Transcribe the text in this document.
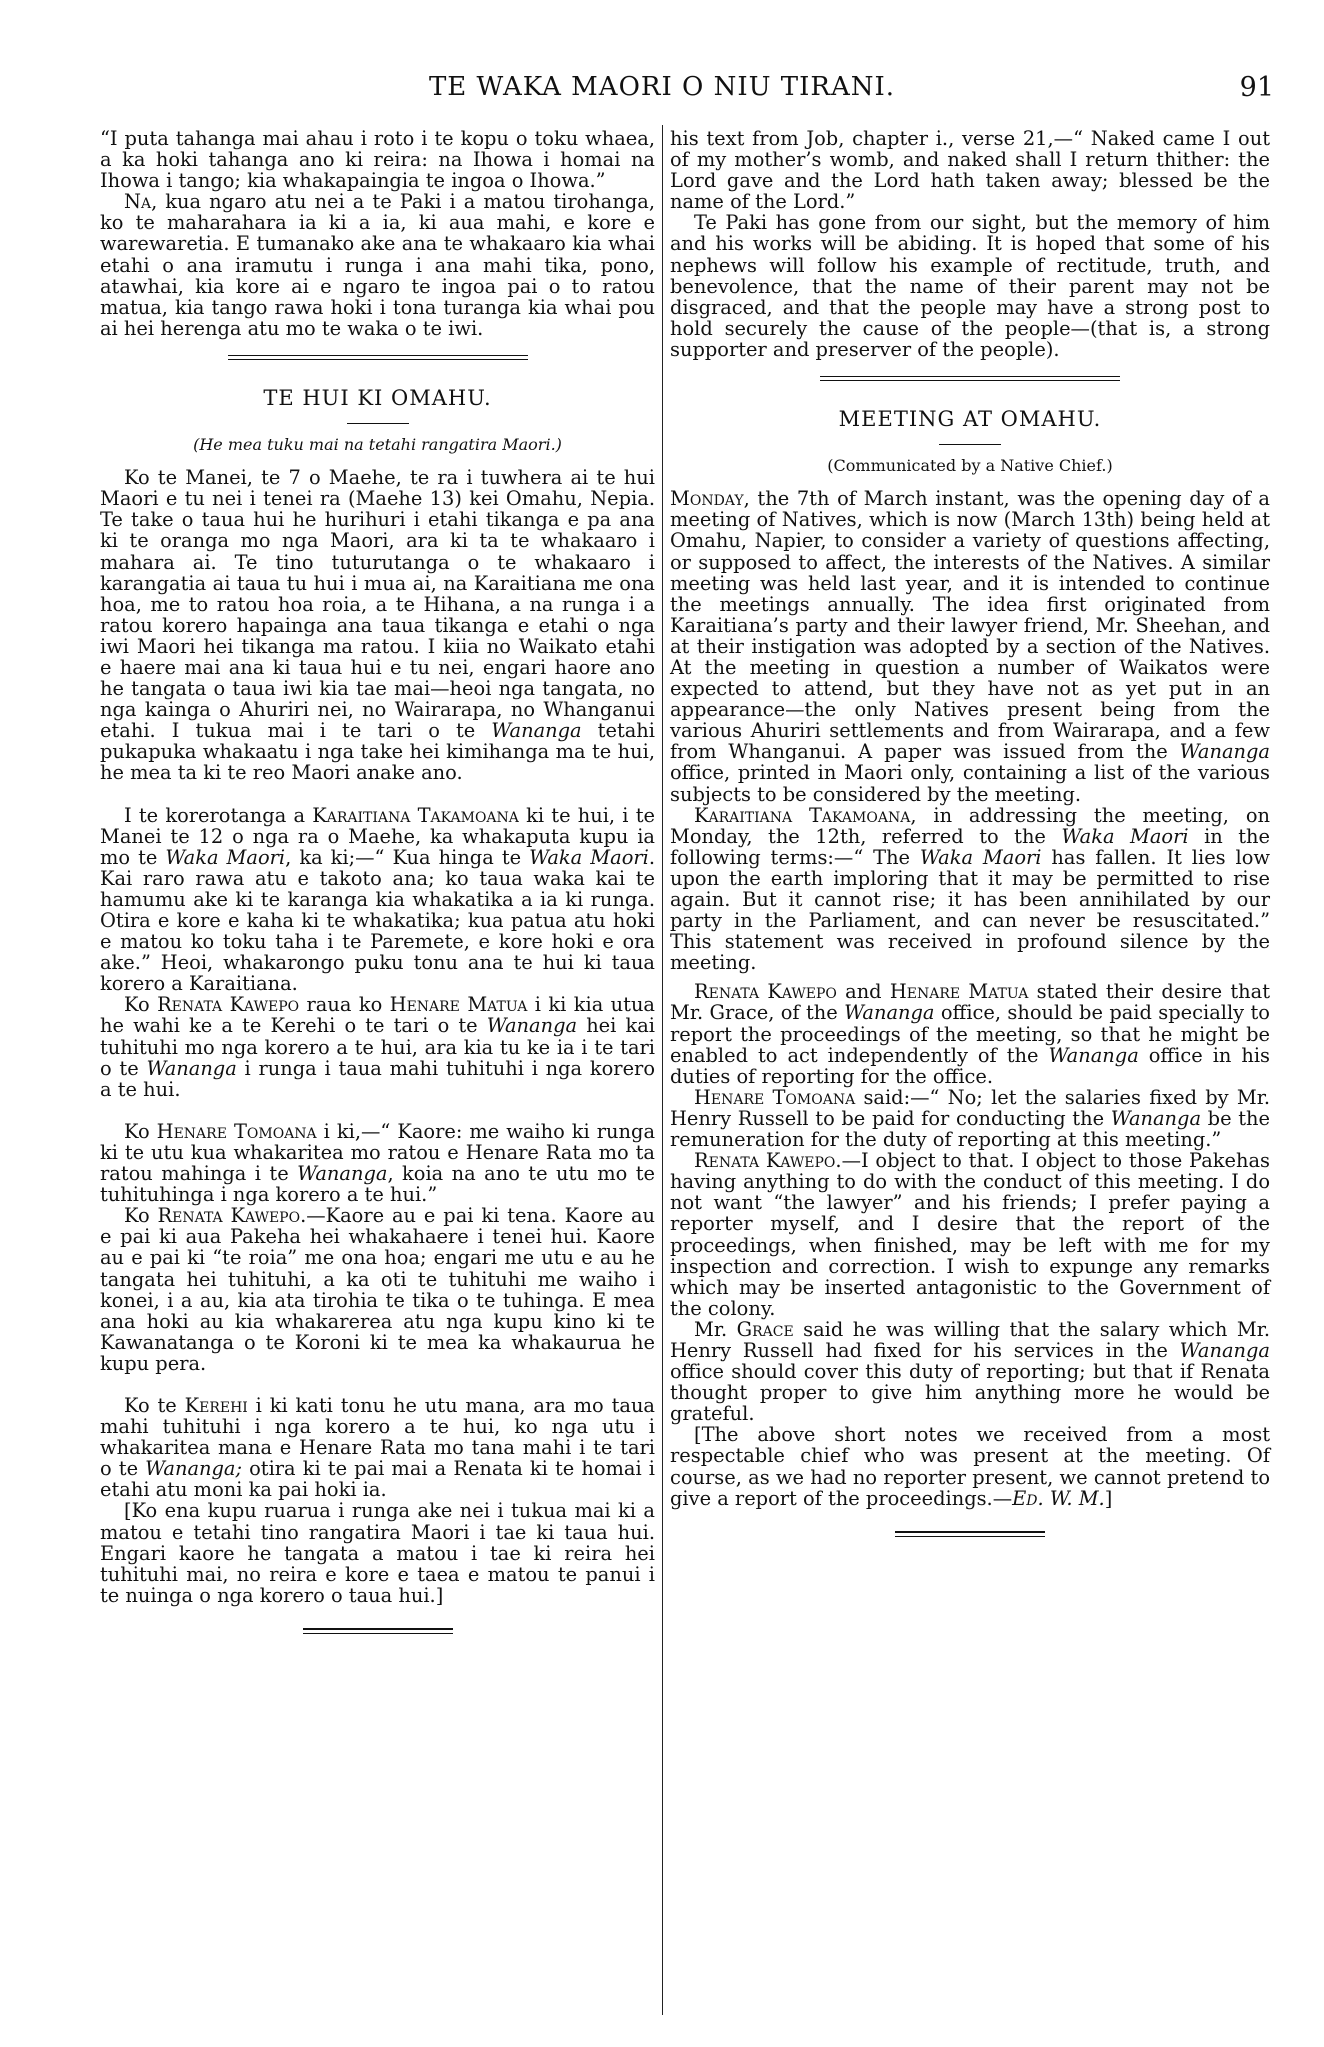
TE WAKA MAORI O NIU TIRANI.	91

“I puta tahanga mai ahau i roto i te kopu o toku whaea, a ka hoki tahanga ano ki reira: na Ihowa i homai na Ihowa i tango; kia whakapaingia te ingoa o Ihowa.”

Na, kua ngaro atu nei a te Paki i a matou tirohanga, ko te maharahara ia ki a ia, ki aua mahi, e kore e warewaretia. E tumanako ake ana te whakaaro kia whai etahi o ana iramutu i runga i ana mahi tika, pono, atawhai, kia kore ai e ngaro te ingoa pai o to ratou matua, kia tango rawa hoki i tona turanga kia whai pou ai hei herenga atu mo te waka o te iwi.

TE HUI KI OMAHU.
(He mea tuku mai na tetahi rangatira Maori.)

Ko te Manei, te 7 o Maehe, te ra i tuwhera ai te hui Maori e tu nei i tenei ra (Maehe 13) kei Omahu, Nepia. Te take o taua hui he hurihuri i etahi tikanga e pa ana ki te oranga mo nga Maori, ara ki ta te whakaaro i mahara ai. Te tino tuturutanga o te whakaaro i karangatia ai taua tu hui i mua ai, na Karaitiana me ona hoa, me to ratou hoa roia, a te Hihana, a na runga i a ratou korero hapainga ana taua tikanga e etahi o nga iwi Maori hei tikanga ma ratou. I kiia no Waikato etahi e haere mai ana ki taua hui e tu nei, engari haore ano he tangata o taua iwi kia tae mai—heoi nga tangata, no nga kainga o Ahuriri nei, no Wairarapa, no Whanganui etahi. I tukua mai i te tari o te Wananga tetahi pukapuka whakaatu i nga take hei kimihanga ma te hui, he mea ta ki te reo Maori anake ano.

I te korerotanga a Karaitiana Takamoana ki te hui, i te Manei te 12 o nga ra o Maehe, ka whakaputa kupu ia mo te Waka Maori, ka ki;—“ Kua hinga te Waka Maori. Kai raro rawa atu e takoto ana; ko taua waka kai te hamumu ake ki te karanga kia whakatika a ia ki runga. Otira e kore e kaha ki te whakatika; kua patua atu hoki e matou ko toku taha i te Paremete, e kore hoki e ora ake.” Heoi, whakarongo puku tonu ana te hui ki taua korero a Karaitiana.

Ko Renata Kawepo raua ko Henare Matua i ki kia utua he wahi ke a te Kerehi o te tari o te Wananga hei kai tuhituhi mo nga korero a te hui, ara kia tu ke ia i te tari o te Wananga i runga i taua mahi tuhituhi i nga korero a te hui.

Ko Henare Tomoana i ki,—“ Kaore: me waiho ki runga ki te utu kua whakaritea mo ratou e Henare Rata mo ta ratou mahinga i te Wananga, koia na ano te utu mo te tuhituhinga i nga korero a te hui.”

Ko Renata Kawepo.—Kaore au e pai ki tena. Kaore au e pai ki aua Pakeha hei whakahaere i tenei hui. Kaore au e pai ki “te roia” me ona hoa; engari me utu e au he tangata hei tuhituhi, a ka oti te tuhituhi me waiho i konei, i a au, kia ata tirohia te tika o te tuhinga. E mea ana hoki au kia whakarerea atu nga kupu kino ki te Kawanatanga o te Koroni ki te mea ka whakaurua he kupu pera.

Ko te Kerehi i ki kati tonu he utu mana, ara mo taua mahi tuhituhi i nga korero a te hui, ko nga utu i whakaritea mana e Henare Rata mo tana mahi i te tari o te Wananga; otira ki te pai mai a Renata ki te homai i etahi atu moni ka pai hoki ia.

[Ko ena kupu ruarua i runga ake nei i tukua mai ki a matou e tetahi tino rangatira Maori i tae ki taua hui. Engari kaore he tangata a matou i tae ki reira hei tuhituhi mai, no reira e kore e taea e matou te panui i te nuinga o nga korero o taua hui.]

his text from Job, chapter i., verse 21,—“ Naked came I out of my mother’s womb, and naked shall I return thither: the Lord gave and the Lord hath taken away; blessed be the name of the Lord.”

Te Paki has gone from our sight, but the memory of him and his works will be abiding. It is hoped that some of his nephews will follow his example of rectitude, truth, and benevolence, that the name of their parent may not be disgraced, and that the people may have a strong post to hold securely the cause of the people—(that is, a strong supporter and preserver of the people).

MEETING AT OMAHU.
(Communicated by a Native Chief.)

Monday, the 7th of March instant, was the opening day of a meeting of Natives, which is now (March 13th) being held at Omahu, Napier, to consider a variety of questions affecting, or supposed to affect, the interests of the Natives. A similar meeting was held last year, and it is intended to continue the meetings annually. The idea first originated from Karaitiana’s party and their lawyer friend, Mr. Sheehan, and at their instigation was adopted by a section of the Natives. At the meeting in question a number of Waikatos were expected to attend, but they have not as yet put in an appearance—the only Natives present being from the various Ahuriri settlements and from Wairarapa, and a few from Whanganui. A paper was issued from the Wananga office, printed in Maori only, containing a list of the various subjects to be considered by the meeting.

Karaitiana Takamoana, in addressing the meeting, on Monday, the 12th, referred to the Waka Maori in the following terms:—“ The Waka Maori has fallen. It lies low upon the earth imploring that it may be permitted to rise again. But it cannot rise; it has been annihilated by our party in the Parliament, and can never be resuscitated.” This statement was received in profound silence by the meeting.

Renata Kawepo and Henare Matua stated their desire that Mr. Grace, of the Wananga office, should be paid specially to report the proceedings of the meeting, so that he might be enabled to act independently of the Wananga office in his duties of reporting for the office.

Henare Tomoana said:—“ No; let the salaries fixed by Mr. Henry Russell to be paid for conducting the Wananga be the remuneration for the duty of reporting at this meeting.”

Renata Kawepo.—I object to that. I object to those Pakehas having anything to do with the conduct of this meeting. I do not want “the lawyer” and his friends; I prefer paying a reporter myself, and I desire that the report of the proceedings, when finished, may be left with me for my inspection and correction. I wish to expunge any remarks which may be inserted antagonistic to the Government of the colony.

Mr. Grace said he was willing that the salary which Mr. Henry Russell had fixed for his services in the Wananga office should cover this duty of reporting; but that if Renata thought proper to give him anything more he would be grateful.

[The above short notes we received from a most respectable chief who was present at the meeting. Of course, as we had no reporter present, we cannot pretend to give a report of the proceedings.—Ed. W. M.]
